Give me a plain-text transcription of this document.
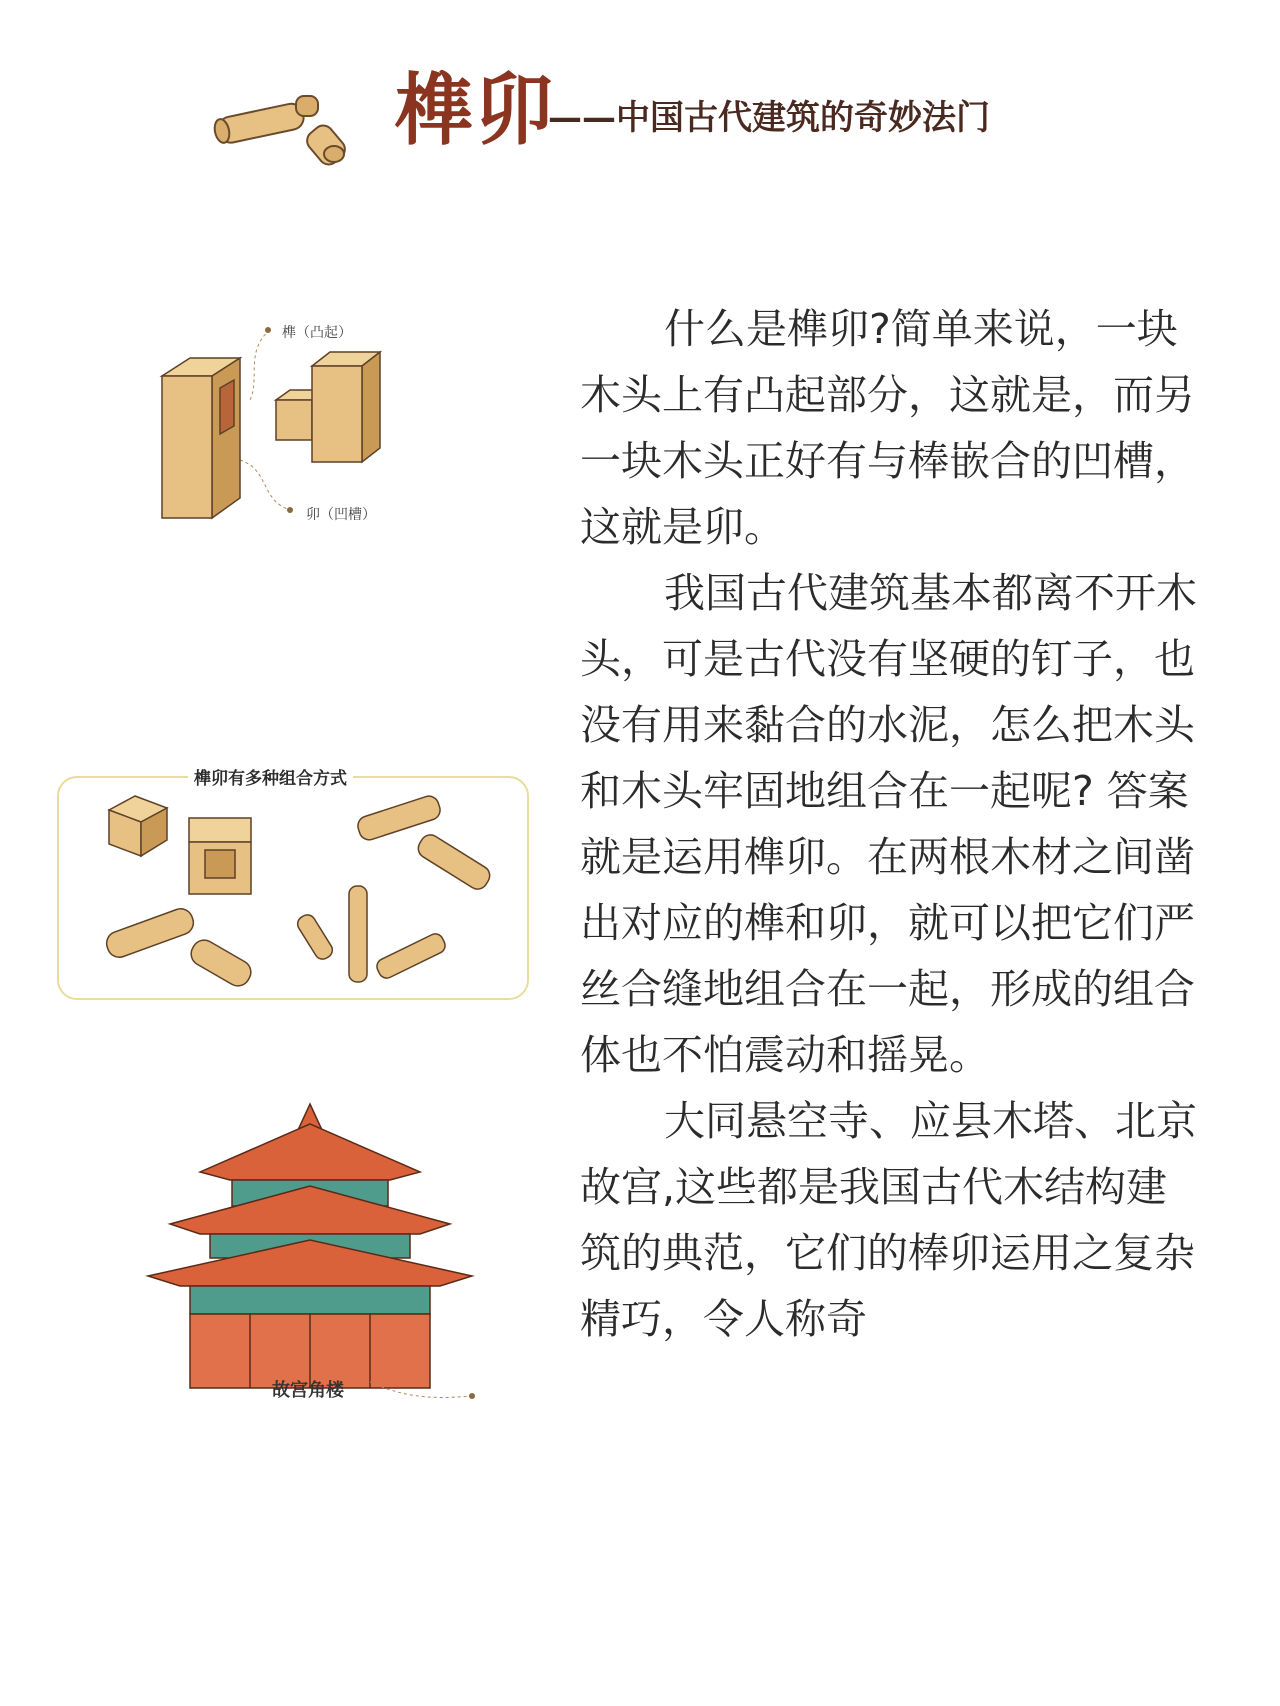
榫卯
——中国古代建筑的奇妙法门
榫（凸起）
卯（凹槽）
榫卯有多种组合方式
故宫角楼

什么是榫卯?简单来说，一块木头上有凸起部分，这就是，而另一块木头正好有与棒嵌合的凹槽，这就是卯。

我国古代建筑基本都离不开木头，可是古代没有坚硬的钉子，也没有用来黏合的水泥，怎么把木头和木头牢固地组合在一起呢? 答案就是运用榫卯。在两根木材之间凿出对应的榫和卯，就可以把它们严丝合缝地组合在一起，形成的组合体也不怕震动和摇晃。

大同悬空寺、应县木塔、北京故宫,这些都是我国古代木结构建筑的典范，它们的棒卯运用之复杂精巧，令人称奇
